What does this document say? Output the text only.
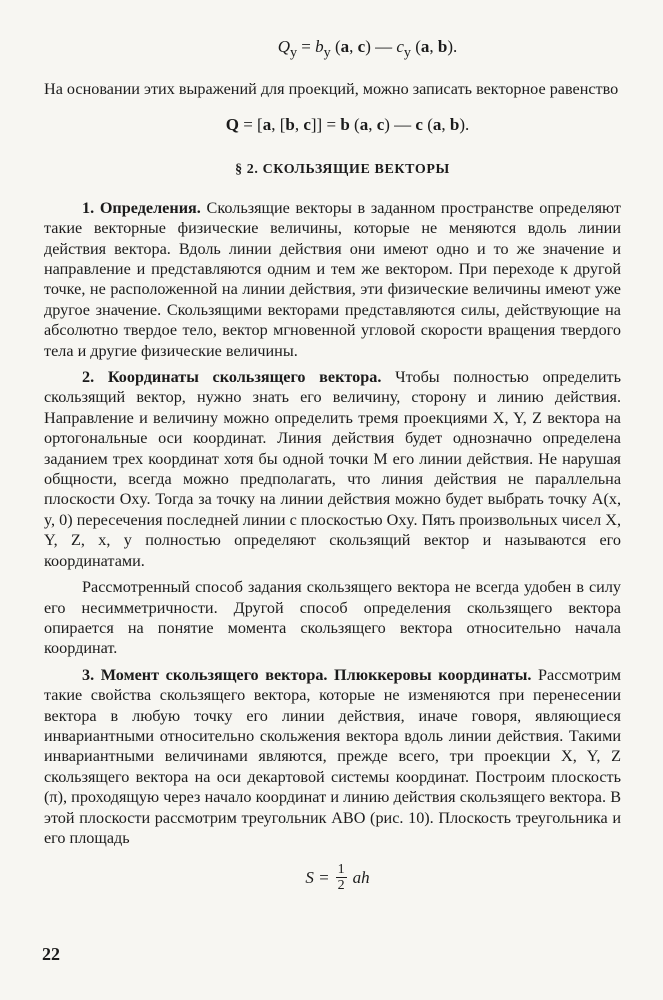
$Q_y = b_y$ (a, c) — $c_y$ (a, b).

На основании этих выражений для проекций, можно записать векторное равенство

Q = [a, [b, c]] = b (a, c) — c (a, b).
§ 2. СКОЛЬЗЯЩИЕ ВЕКТОРЫ

1. Определения. Скользящие векторы в заданном пространстве определяют такие векторные физические величины, которые не меняются вдоль линии действия вектора. Вдоль линии действия они имеют одно и то же значение и направление и представляются одним и тем же вектором. При переходе к другой точке, не расположенной на линии действия, эти физические величины имеют уже другое значение. Скользящими векторами представляются силы, действующие на абсолютно твердое тело, вектор мгновенной угловой скорости вращения твердого тела и другие физические величины.

2. Координаты скользящего вектора. Чтобы полностью определить скользящий вектор, нужно знать его величину, сторону и линию действия. Направление и величину можно определить тремя проекциями X, Y, Z вектора на ортогональные оси координат. Линия действия будет однозначно определена заданием трех координат хотя бы одной точки M его линии действия. Не нарушая общности, всегда можно предполагать, что линия действия не параллельна плоскости Oxy. Тогда за точку на линии действия можно будет выбрать точку A(x, y, 0) пересечения последней линии с плоскостью Oxy. Пять произвольных чисел X, Y, Z, x, y полностью определяют скользящий вектор и называются его координатами.

Рассмотренный способ задания скользящего вектора не всегда удобен в силу его несимметричности. Другой способ определения скользящего вектора опирается на понятие момента скользящего вектора относительно начала координат.

3. Момент скользящего вектора. Плюккеровы координаты. Рассмотрим такие свойства скользящего вектора, которые не изменяются при перенесении вектора в любую точку его линии действия, иначе говоря, являющиеся инвариантными относительно скольжения вектора вдоль линии действия. Такими инвариантными величинами являются, прежде всего, три проекции X, Y, Z скользящего вектора на оси декартовой системы координат. Построим плоскость (π), проходящую через начало координат и линию действия скользящего вектора. В этой плоскости рассмотрим треугольник ABO (рис. 10). Плоскость треугольника и его площадь

$S = \frac{1}{2}$ ah
22
